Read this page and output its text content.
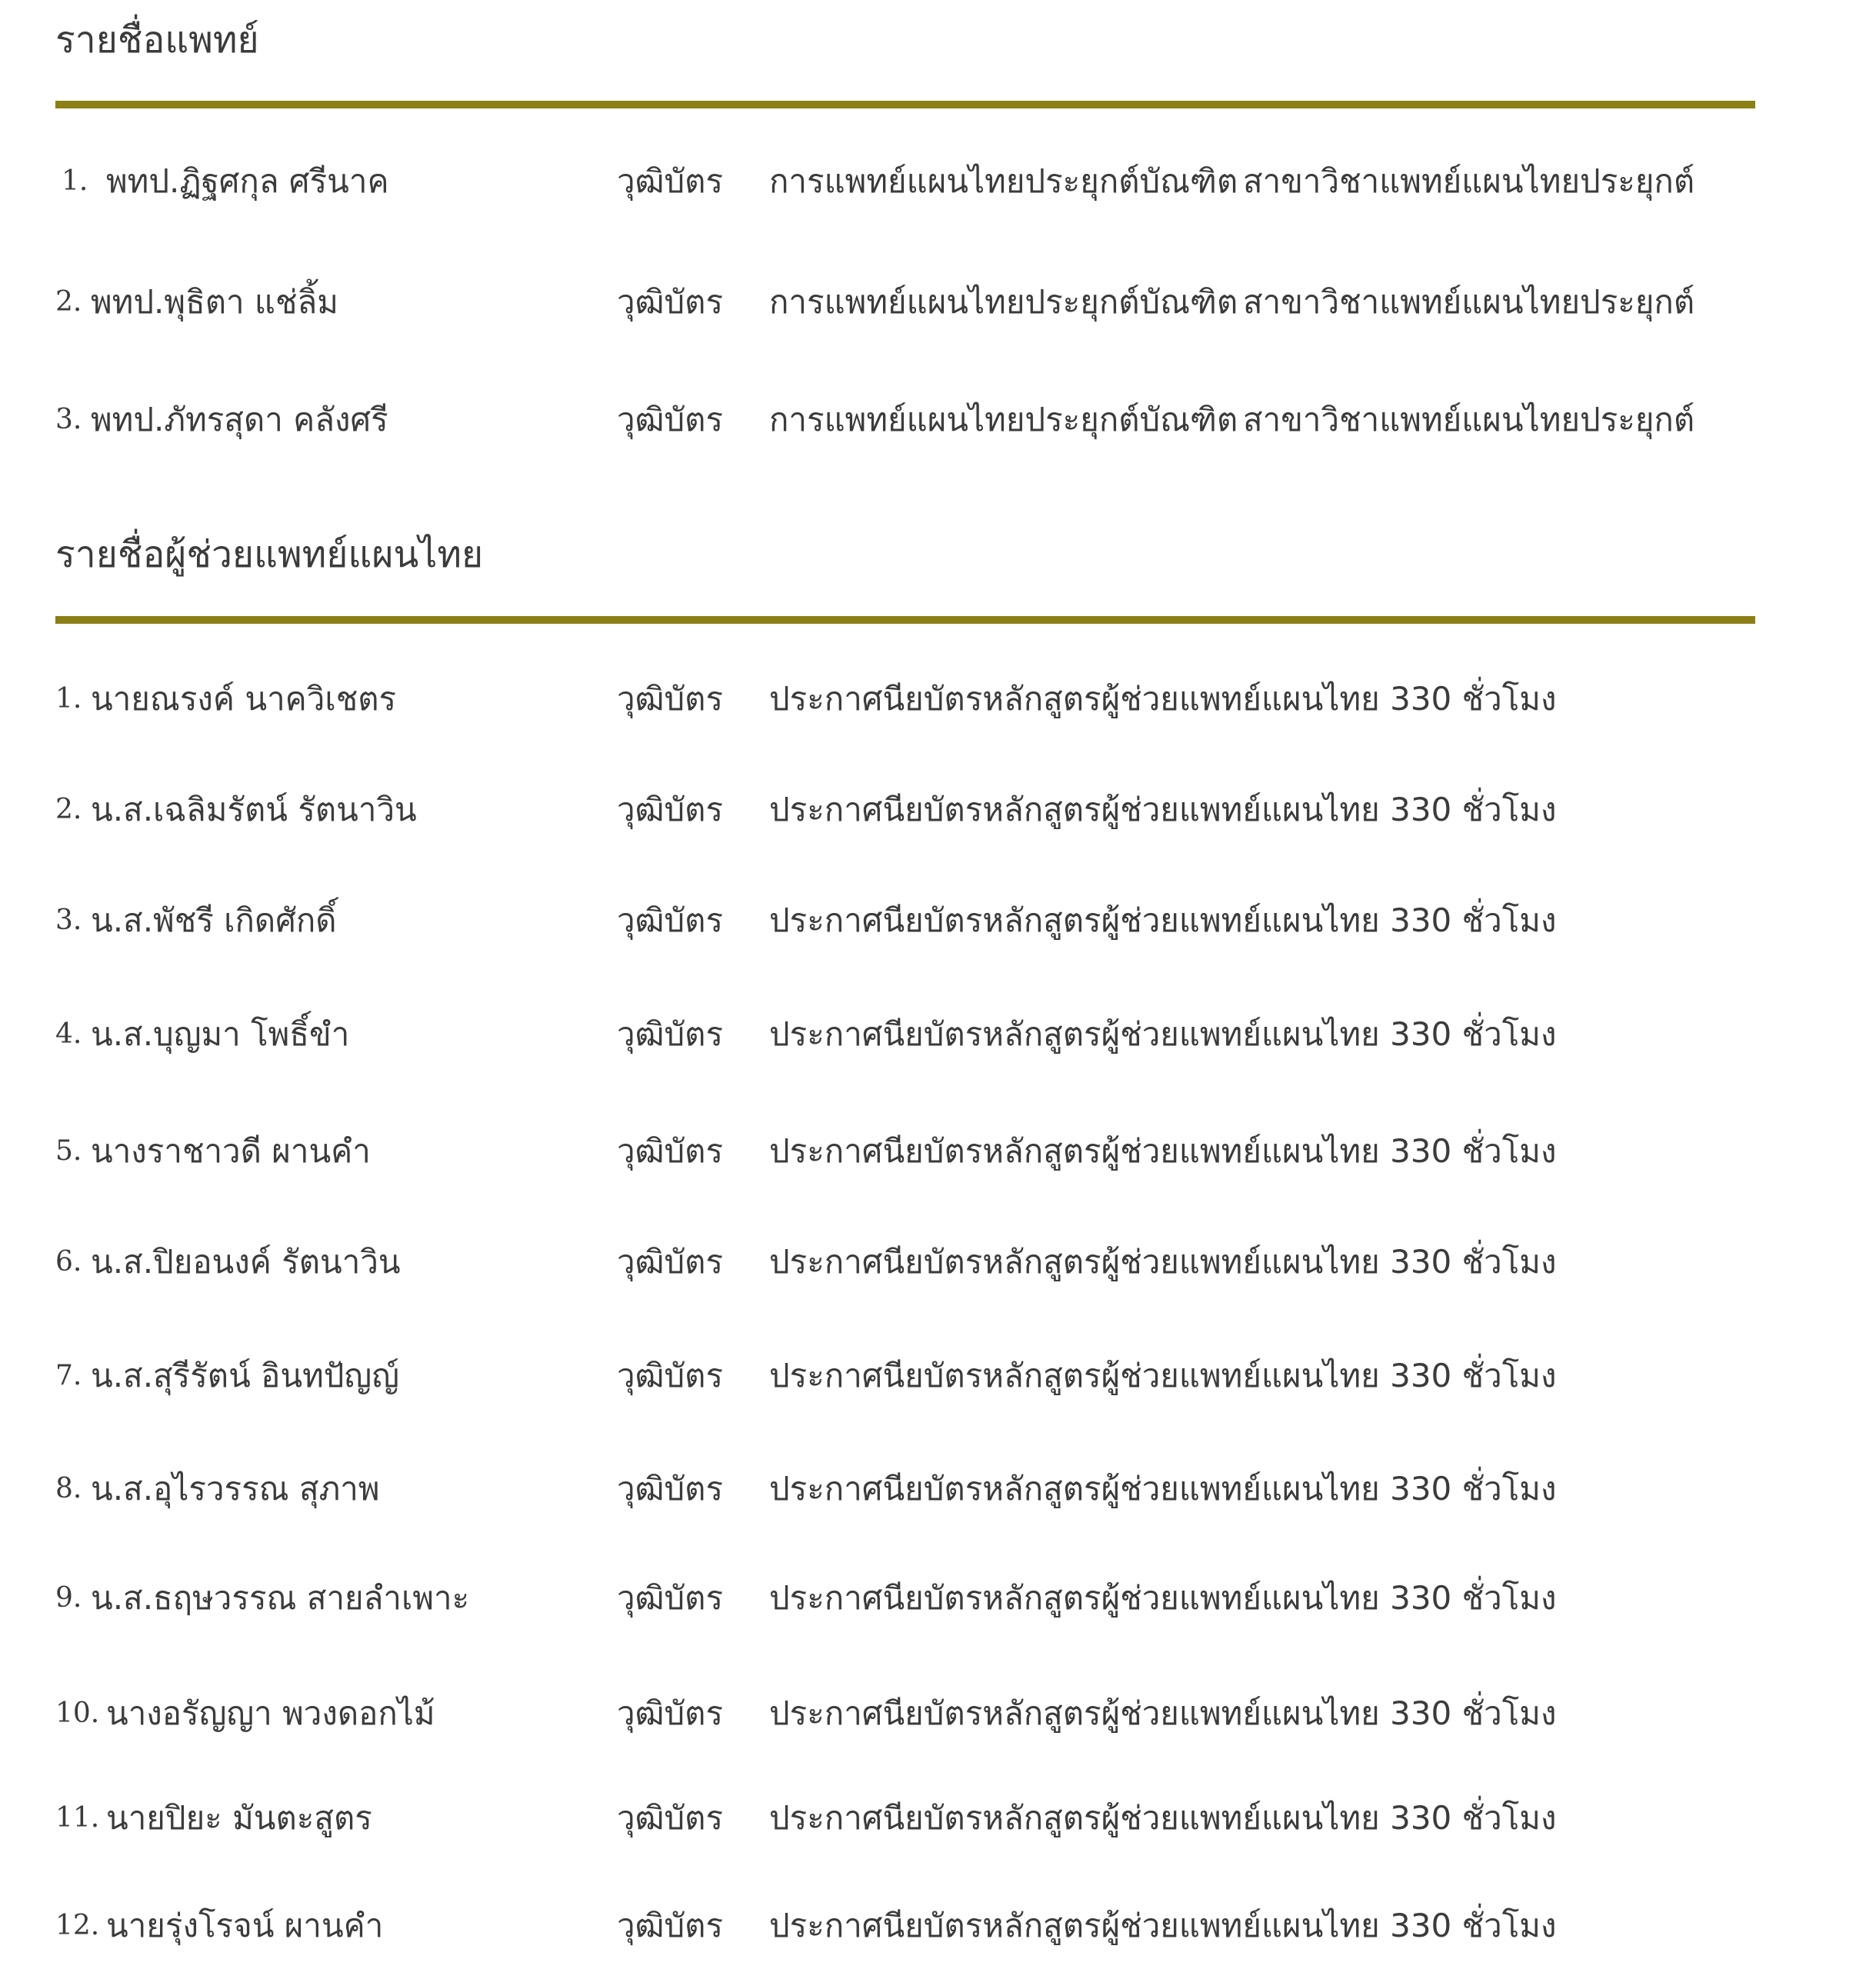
รายชื่อแพทย์
1. พทป.ฏิฐศกุล ศรีนาค	วุฒิบัตร การแพทย์แผนไทยประยุกต์บัณฑิต สาขาวิชาแพทย์แผนไทยประยุกต์
2. พทป.พุธิตา แช่ลิ้ม	วุฒิบัตร การแพทย์แผนไทยประยุกต์บัณฑิต สาขาวิชาแพทย์แผนไทยประยุกต์
3. พทป.ภัทรสุดา คลังศรี	วุฒิบัตร การแพทย์แผนไทยประยุกต์บัณฑิต สาขาวิชาแพทย์แผนไทยประยุกต์
รายชื่อผู้ช่วยแพทย์แผนไทย
1. นายณรงค์ นาควิเชตร	วุฒิบัตร ประกาศนียบัตรหลักสูตรผู้ช่วยแพทย์แผนไทย 330 ชั่วโมง
2. น.ส.เฉลิมรัตน์ รัตนาวิน	วุฒิบัตร ประกาศนียบัตรหลักสูตรผู้ช่วยแพทย์แผนไทย 330 ชั่วโมง
3. น.ส.พัชรี เกิดศักดิ์	วุฒิบัตร ประกาศนียบัตรหลักสูตรผู้ช่วยแพทย์แผนไทย 330 ชั่วโมง
4. น.ส.บุญมา โพธิ์ขำ	วุฒิบัตร ประกาศนียบัตรหลักสูตรผู้ช่วยแพทย์แผนไทย 330 ชั่วโมง
5. นางราชาวดี ผานคำ	วุฒิบัตร ประกาศนียบัตรหลักสูตรผู้ช่วยแพทย์แผนไทย 330 ชั่วโมง
6. น.ส.ปิยอนงค์ รัตนาวิน	วุฒิบัตร ประกาศนียบัตรหลักสูตรผู้ช่วยแพทย์แผนไทย 330 ชั่วโมง
7. น.ส.สุรีรัตน์ อินทปัญญ์	วุฒิบัตร ประกาศนียบัตรหลักสูตรผู้ช่วยแพทย์แผนไทย 330 ชั่วโมง
8. น.ส.อุไรวรรณ สุภาพ	วุฒิบัตร ประกาศนียบัตรหลักสูตรผู้ช่วยแพทย์แผนไทย 330 ชั่วโมง
9. น.ส.ธฤษวรรณ สายลำเพาะ	วุฒิบัตร ประกาศนียบัตรหลักสูตรผู้ช่วยแพทย์แผนไทย 330 ชั่วโมง
10. นางอรัญญา พวงดอกไม้	วุฒิบัตร ประกาศนียบัตรหลักสูตรผู้ช่วยแพทย์แผนไทย 330 ชั่วโมง
11. นายปิยะ มันตะสูตร	วุฒิบัตร ประกาศนียบัตรหลักสูตรผู้ช่วยแพทย์แผนไทย 330 ชั่วโมง
12. นายรุ่งโรจน์ ผานคำ	วุฒิบัตร ประกาศนียบัตรหลักสูตรผู้ช่วยแพทย์แผนไทย 330 ชั่วโมง
